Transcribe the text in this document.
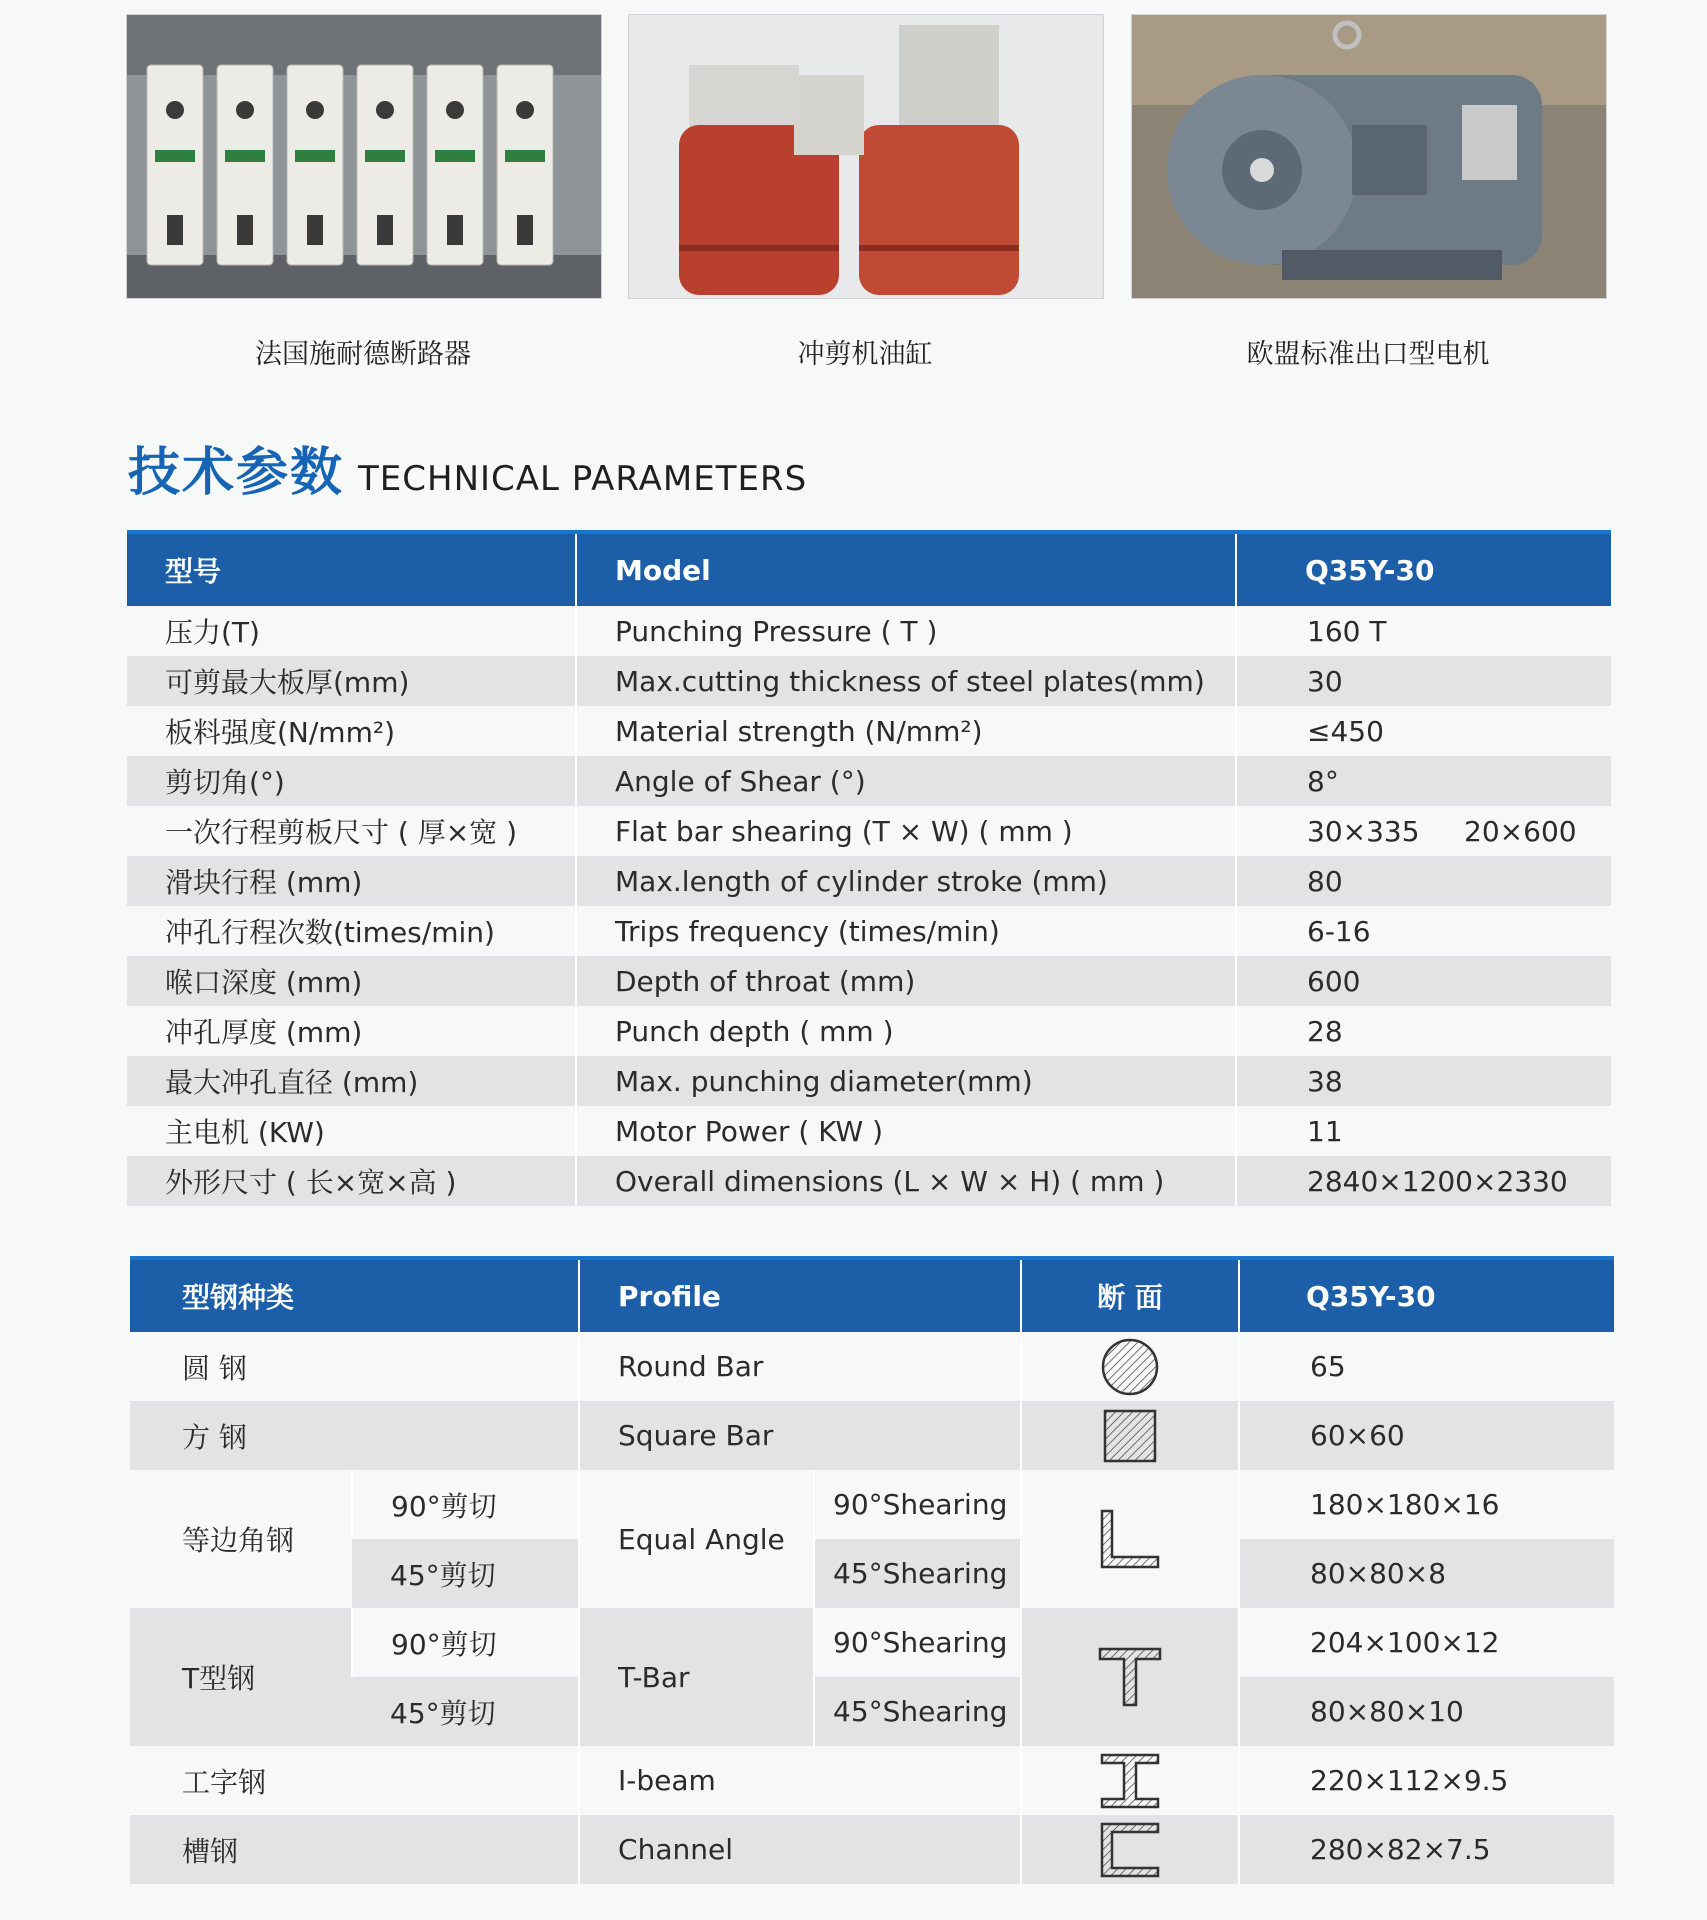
法国施耐德断路器	冲剪机油缸	欧盟标准出口型电机
技术参数 TECHNICAL PARAMETERS
型号	Model	Q35Y-30
压力(T)	Punching Pressure ( T )	160 T
可剪最大板厚(mm)	Max.cutting thickness of steel plates(mm)	30
板料强度(N/mm²)	Material strength (N/mm²)	≤450
剪切角(°)	Angle of Shear (°)	8°
一次行程剪板尺寸 ( 厚×宽 )	Flat bar shearing (T × W) ( mm )	30×335     20×600
滑块行程 (mm)	Max.length of cylinder stroke (mm)	80
冲孔行程次数(times/min)	Trips frequency (times/min)	6-16
喉口深度 (mm)	Depth of throat (mm)	600
冲孔厚度 (mm)	Punch depth ( mm )	28
最大冲孔直径 (mm)	Max. punching diameter(mm)	38
主电机 (KW)	Motor Power ( KW )	11
外形尺寸 ( 长×宽×高 )	Overall dimensions (L × W × H) ( mm )	2840×1200×2330
型钢种类		Profile		断 面	Q35Y-30
圆 钢		Round Bar			65
方 钢		Square Bar			60×60
等边角钢	90°剪切	Equal Angle	90°Shearing		180×180×16
	45°剪切		45°Shearing		80×80×8
T型钢	90°剪切	T-Bar	90°Shearing		204×100×12
	45°剪切		45°Shearing		80×80×10
工字钢		I-beam			220×112×9.5
槽钢		Channel			280×82×7.5
